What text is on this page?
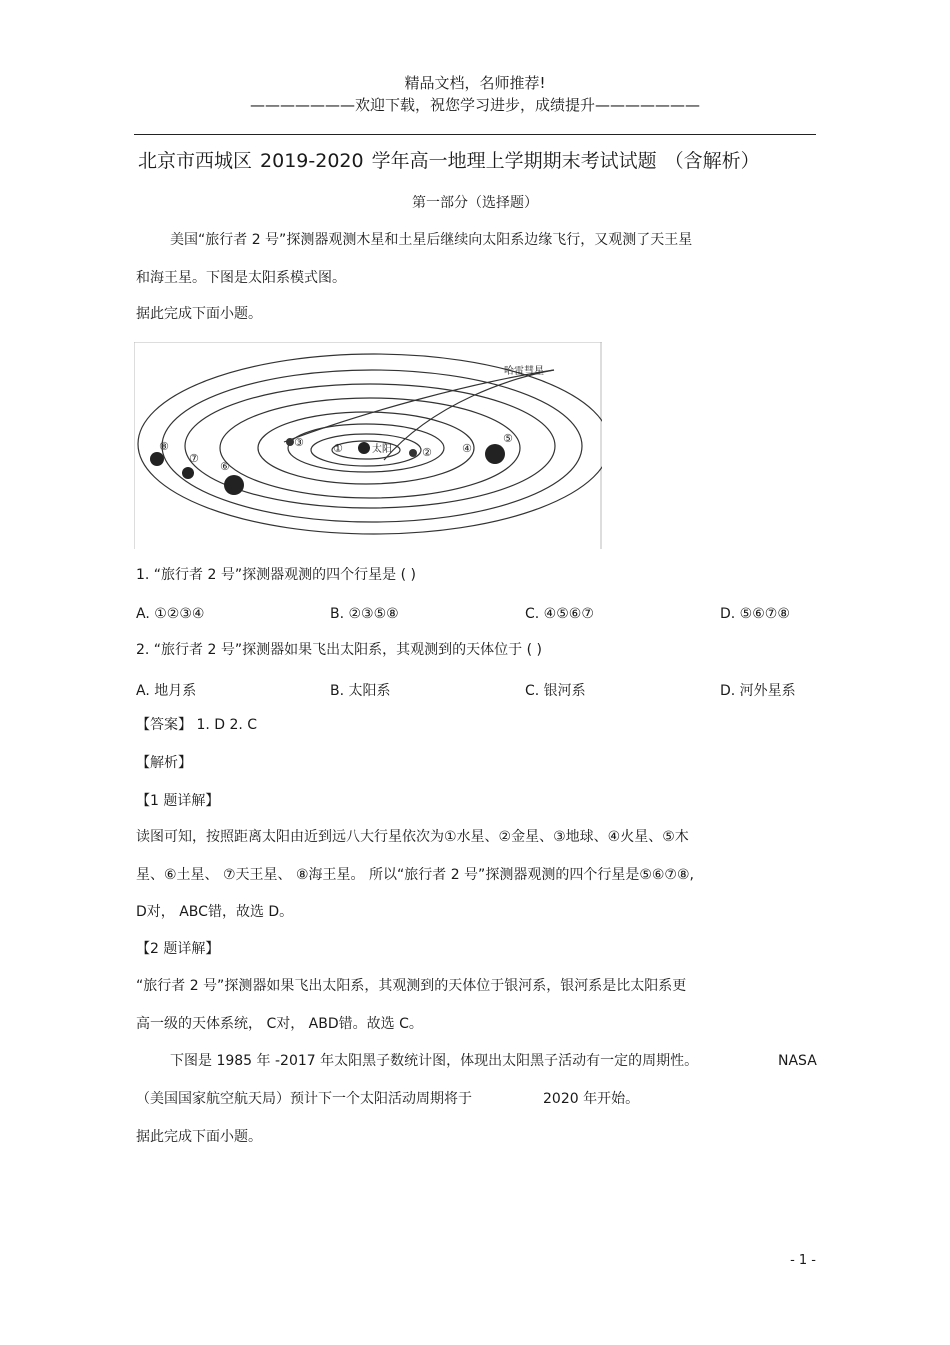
精品文档，名师推荐!
———————欢迎下载，祝您学习进步，成绩提升———————
北京市西城区 2019-2020 学年高一地理上学期期末考试试题 （含解析）
第一部分（选择题）
美国“旅行者 2 号”探测器观测木星和土星后继续向太阳系边缘飞行，又观测了天王星
和海王星。下图是太阳系模式图。
据此完成下面小题。
太阳
①	②
③	④
⑤
⑥
⑦
⑧
哈雷彗星
1. “旅行者 2 号”探测器观测的四个行星是 ( )
A. ①②③④	B. ②③⑤⑧	C. ④⑤⑥⑦	D. ⑤⑥⑦⑧
2. “旅行者 2 号”探测器如果飞出太阳系，其观测到的天体位于 ( )
A. 地月系	B. 太阳系	C. 银河系	D. 河外星系
【答案】 1. D 2. C
【解析】
【1 题详解】
读图可知，按照距离太阳由近到远八大行星依次为①水星、②金星、③地球、④火星、⑤木
星、⑥土星、 ⑦天王星、 ⑧海王星。 所以“旅行者 2 号”探测器观测的四个行星是⑤⑥⑦⑧,
D对， ABC错，故选 D。
【2 题详解】
“旅行者 2 号”探测器如果飞出太阳系，其观测到的天体位于银河系，银河系是比太阳系更
高一级的天体系统， C对， ABD错。故选 C。
下图是 1985 年 -2017 年太阳黑子数统计图，体现出太阳黑子活动有一定的周期性。	NASA
（美国国家航空航天局）预计下一个太阳活动周期将于	2020 年开始。
据此完成下面小题。
- 1 -
